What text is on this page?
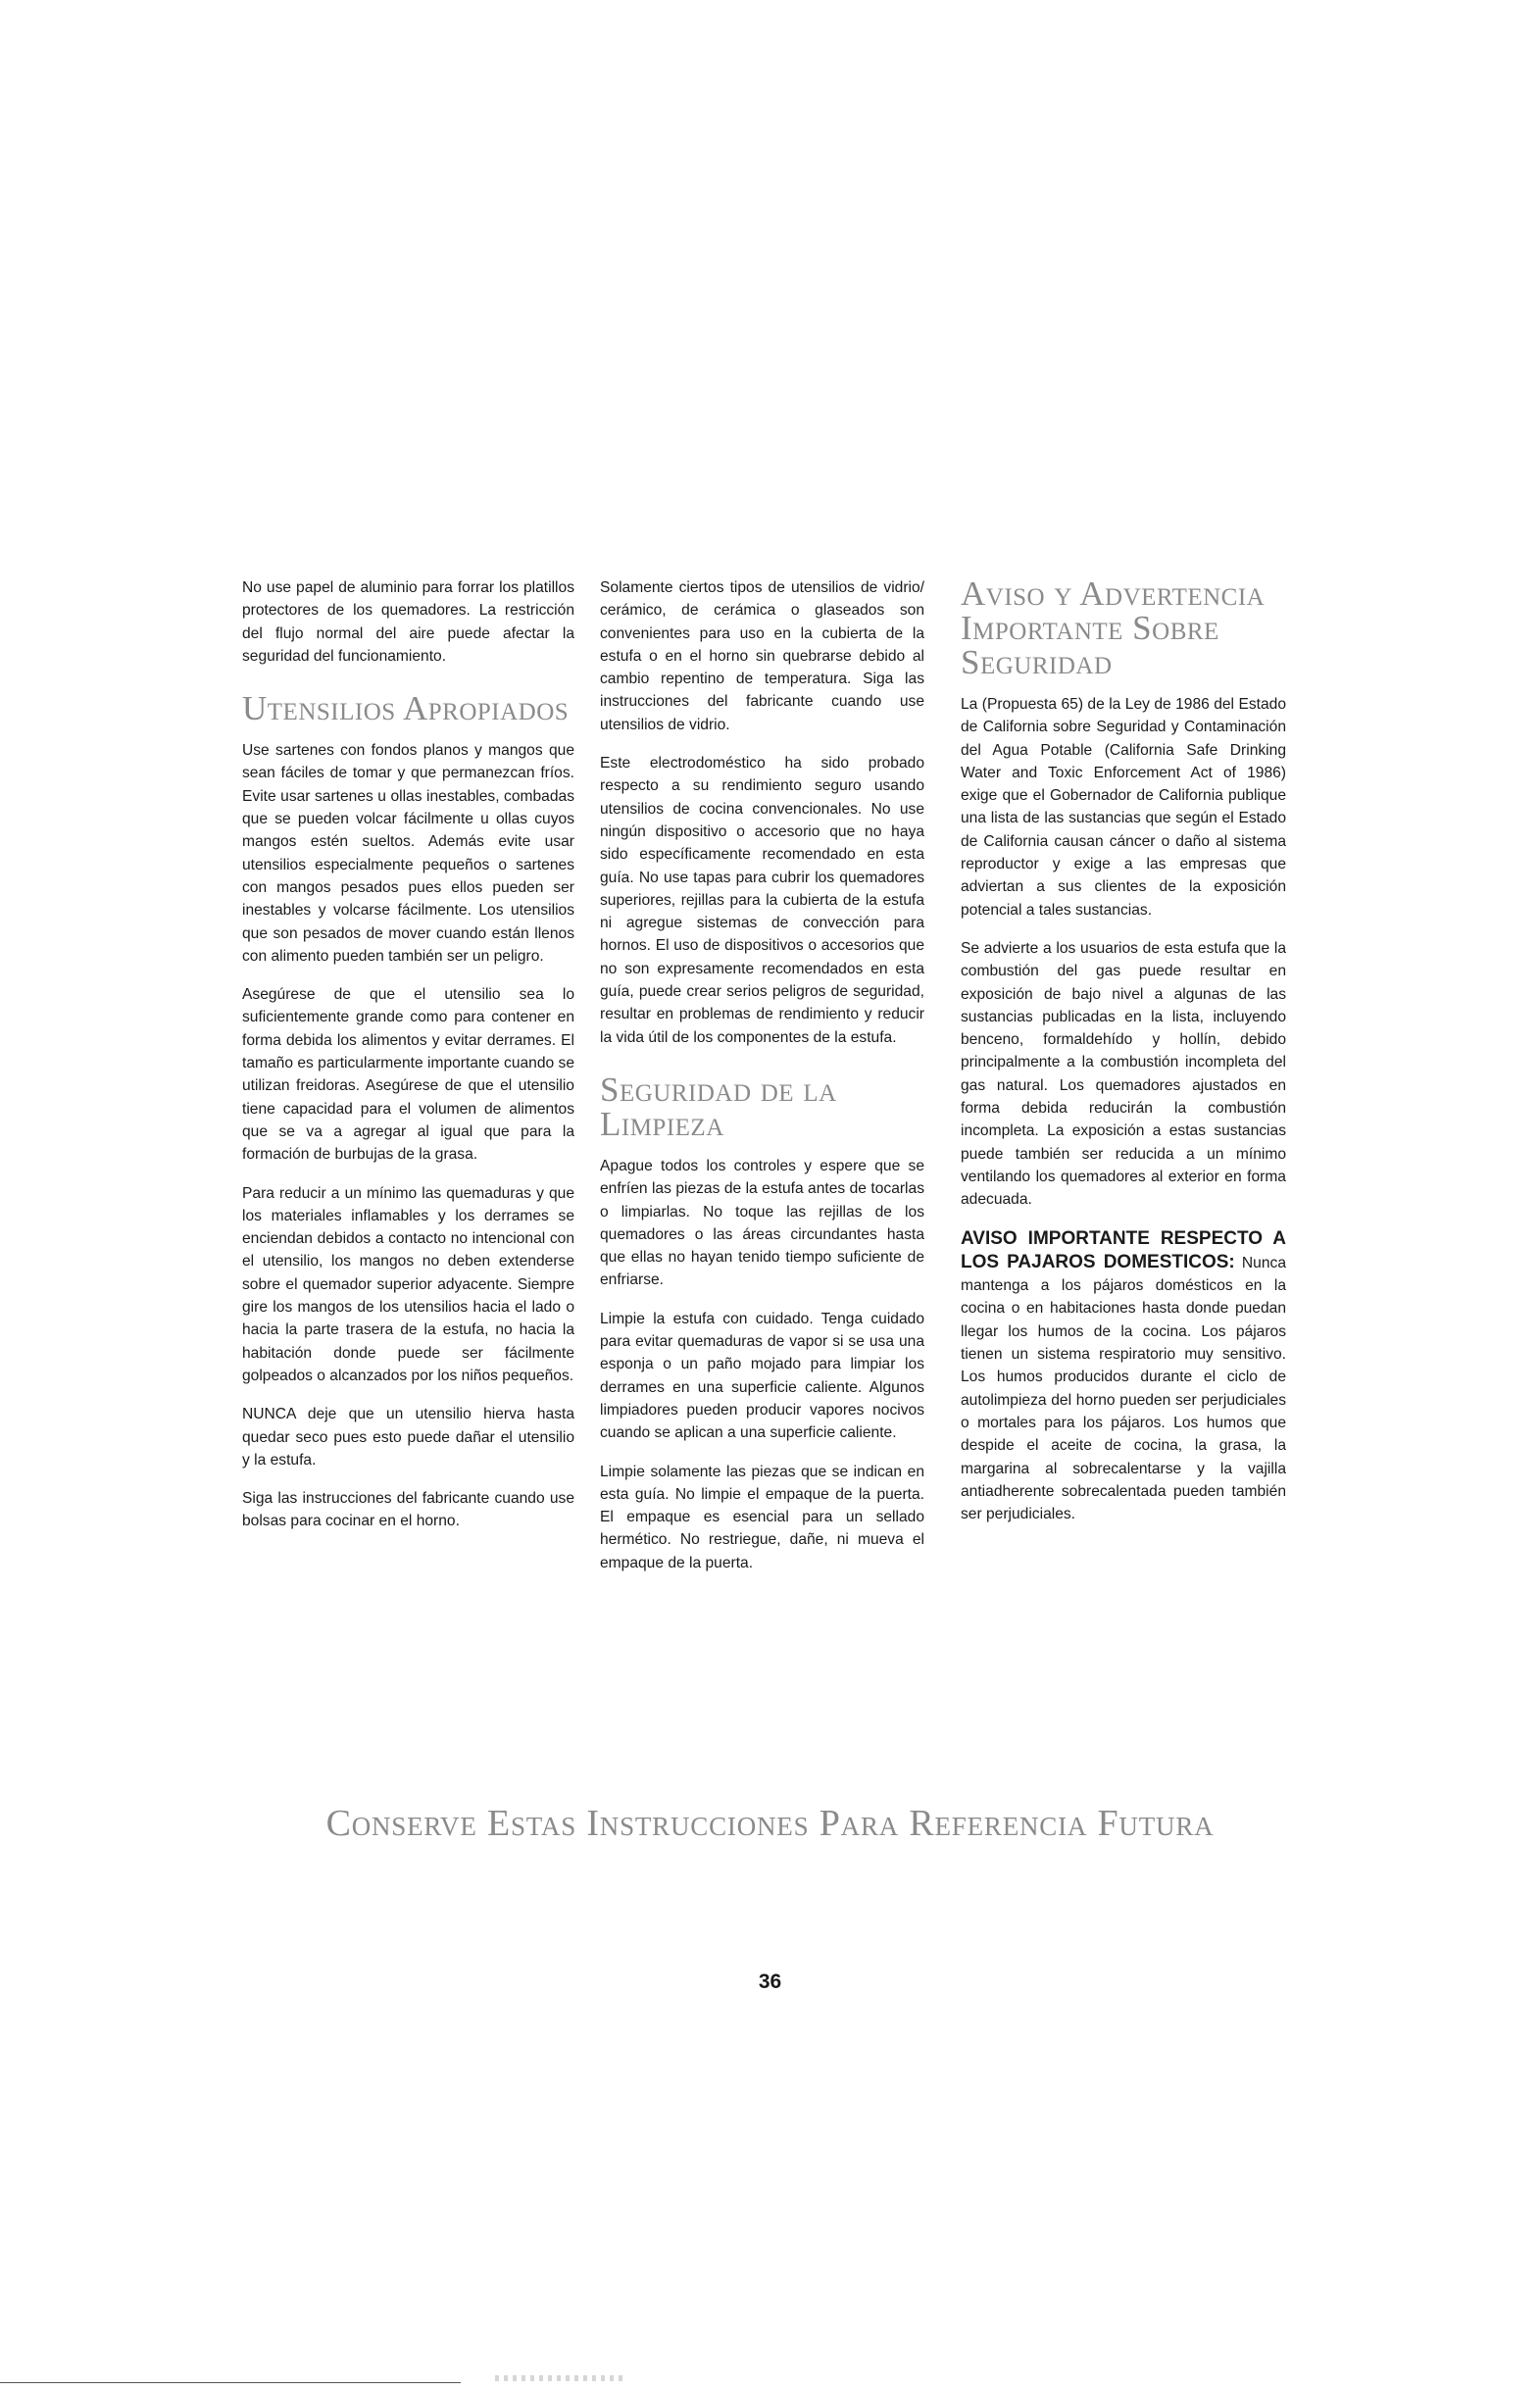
No use papel de aluminio para forrar los platillos protectores de los quemadores. La restricción del flujo normal del aire puede afectar la seguridad del funcionamiento.

Utensilios Apropiados

Use sartenes con fondos planos y mangos que sean fáciles de tomar y que permanezcan fríos. Evite usar sartenes u ollas inestables, combadas que se pueden volcar fácilmente u ollas cuyos mangos estén sueltos. Además evite usar utensilios especialmente pequeños o sartenes con mangos pesados pues ellos pueden ser inestables y volcarse fácilmente. Los utensilios que son pesados de mover cuando están llenos con alimento pueden también ser un peligro.

Asegúrese de que el utensilio sea lo suficientemente grande como para contener en forma debida los alimentos y evitar derrames. El tamaño es particularmente importante cuando se utilizan freidoras. Asegúrese de que el utensilio tiene capacidad para el volumen de alimentos que se va a agregar al igual que para la formación de burbujas de la grasa.

Para reducir a un mínimo las quemaduras y que los materiales inflamables y los derrames se enciendan debidos a contacto no intencional con el utensilio, los mangos no deben extenderse sobre el quemador superior adyacente. Siempre gire los mangos de los utensilios hacia el lado o hacia la parte trasera de la estufa, no hacia la habitación donde puede ser fácilmente golpeados o alcanzados por los niños pequeños.

NUNCA deje que un utensilio hierva hasta quedar seco pues esto puede dañar el utensilio y la estufa.

Siga las instrucciones del fabricante cuando use bolsas para cocinar en el horno.

Solamente ciertos tipos de utensilios de vidrio/ cerámico, de cerámica o glaseados son convenientes para uso en la cubierta de la estufa o en el horno sin quebrarse debido al cambio repentino de temperatura. Siga las instrucciones del fabricante cuando use utensilios de vidrio.

Este electrodoméstico ha sido probado respecto a su rendimiento seguro usando utensilios de cocina convencionales. No use ningún dispositivo o accesorio que no haya sido específicamente recomendado en esta guía. No use tapas para cubrir los quemadores superiores, rejillas para la cubierta de la estufa ni agregue sistemas de convección para hornos. El uso de dispositivos o accesorios que no son expresamente recomendados en esta guía, puede crear serios peligros de seguridad, resultar en problemas de rendimiento y reducir la vida útil de los componentes de la estufa.

Seguridad de la Limpieza

Apague todos los controles y espere que se enfríen las piezas de la estufa antes de tocarlas o limpiarlas. No toque las rejillas de los quemadores o las áreas circundantes hasta que ellas no hayan tenido tiempo suficiente de enfriarse.

Limpie la estufa con cuidado. Tenga cuidado para evitar quemaduras de vapor si se usa una esponja o un paño mojado para limpiar los derrames en una superficie caliente. Algunos limpiadores pueden producir vapores nocivos cuando se aplican a una superficie caliente.

Limpie solamente las piezas que se indican en esta guía. No limpie el empaque de la puerta. El empaque es esencial para un sellado hermético. No restriegue, dañe, ni mueva el empaque de la puerta.

Aviso y Advertencia Importante Sobre Seguridad

La (Propuesta 65) de la Ley de 1986 del Estado de California sobre Seguridad y Contaminación del Agua Potable (California Safe Drinking Water and Toxic Enforcement Act of 1986) exige que el Gobernador de California publique una lista de las sustancias que según el Estado de California causan cáncer o daño al sistema reproductor y exige a las empresas que adviertan a sus clientes de la exposición potencial a tales sustancias.

Se advierte a los usuarios de esta estufa que la combustión del gas puede resultar en exposición de bajo nivel a algunas de las sustancias publicadas en la lista, incluyendo benceno, formaldehído y hollín, debido principalmente a la combustión incompleta del gas natural. Los quemadores ajustados en forma debida reducirán la combustión incompleta. La exposición a estas sustancias puede también ser reducida a un mínimo ventilando los quemadores al exterior en forma adecuada.

AVISO IMPORTANTE RESPECTO A LOS PAJAROS DOMESTICOS: Nunca mantenga a los pájaros domésticos en la cocina o en habitaciones hasta donde puedan llegar los humos de la cocina. Los pájaros tienen un sistema respiratorio muy sensitivo. Los humos producidos durante el ciclo de autolimpieza del horno pueden ser perjudiciales o mortales para los pájaros. Los humos que despide el aceite de cocina, la grasa, la margarina al sobrecalentarse y la vajilla antiadherente sobrecalentada pueden también ser perjudiciales.

Conserve Estas Instrucciones Para Referencia Futura
36
